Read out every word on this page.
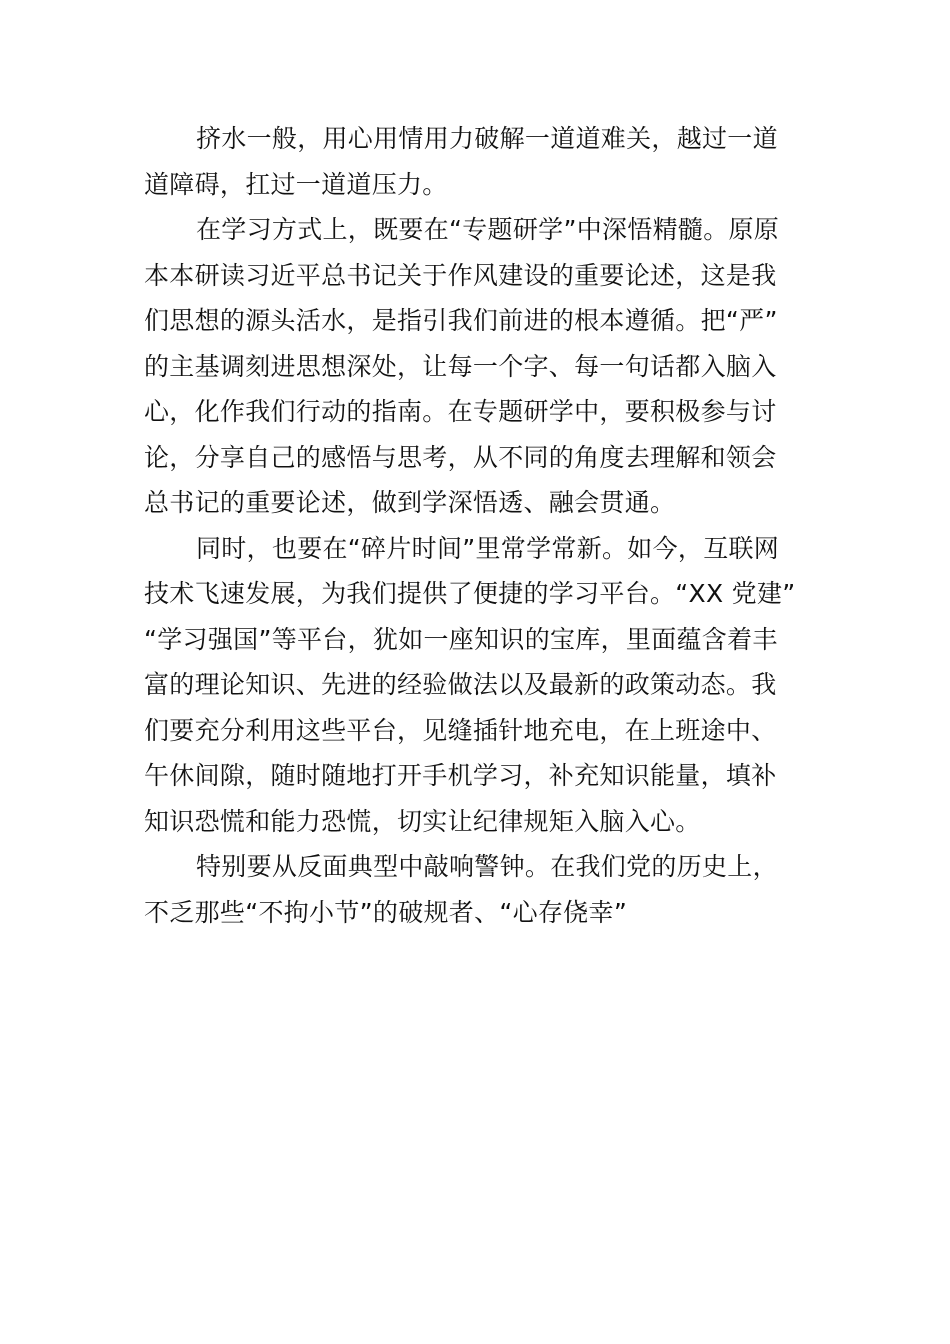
挤水一般，用心用情用力破解一道道难关，越过一道
道障碍，扛过一道道压力。
在学习方式上，既要在“专题研学”中深悟精髓。原原
本本研读习近平总书记关于作风建设的重要论述，这是我
们思想的源头活水，是指引我们前进的根本遵循。把“严”
的主基调刻进思想深处，让每一个字、每一句话都入脑入
心，化作我们行动的指南。在专题研学中，要积极参与讨
论，分享自己的感悟与思考，从不同的角度去理解和领会
总书记的重要论述，做到学深悟透、融会贯通。
同时，也要在“碎片时间”里常学常新。如今，互联网
技术飞速发展，为我们提供了便捷的学习平台。“XX 党建”
“学习强国”等平台，犹如一座知识的宝库，里面蕴含着丰
富的理论知识、先进的经验做法以及最新的政策动态。我
们要充分利用这些平台，见缝插针地充电，在上班途中、
午休间隙，随时随地打开手机学习，补充知识能量，填补
知识恐慌和能力恐慌，切实让纪律规矩入脑入心。
特别要从反面典型中敲响警钟。在我们党的历史上，
不乏那些“不拘小节”的破规者、“心存侥幸”
